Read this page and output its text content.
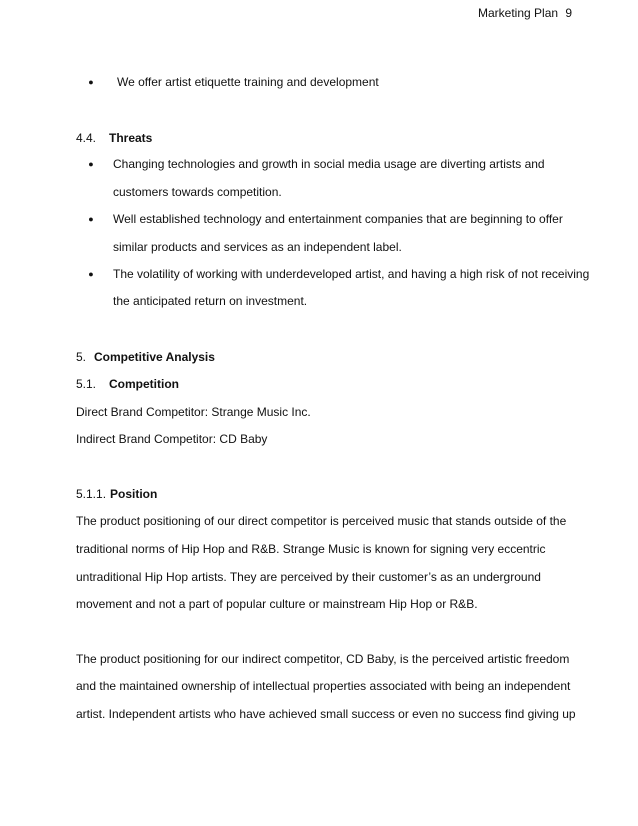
Marketing Plan 9
● We offer artist etiquette training and development
4.4. Threats
● Changing technologies and growth in social media usage are diverting artists and
customers towards competition.
● Well established technology and entertainment companies that are beginning to offer
similar products and services as an independent label.
● The volatility of working with underdeveloped artist, and having a high risk of not receiving
the anticipated return on investment.
5. Competitive Analysis
5.1. Competition
Direct Brand Competitor: Strange Music Inc.
Indirect Brand Competitor: CD Baby
5.1.1. Position
The product positioning of our direct competitor is perceived music that stands outside of the
traditional norms of Hip Hop and R&B. Strange Music is known for signing very eccentric
untraditional Hip Hop artists. They are perceived by their customer’s as an underground
movement and not a part of popular culture or mainstream Hip Hop or R&B.
The product positioning for our indirect competitor, CD Baby, is the perceived artistic freedom
and the maintained ownership of intellectual properties associated with being an independent
artist. Independent artists who have achieved small success or even no success find giving up
